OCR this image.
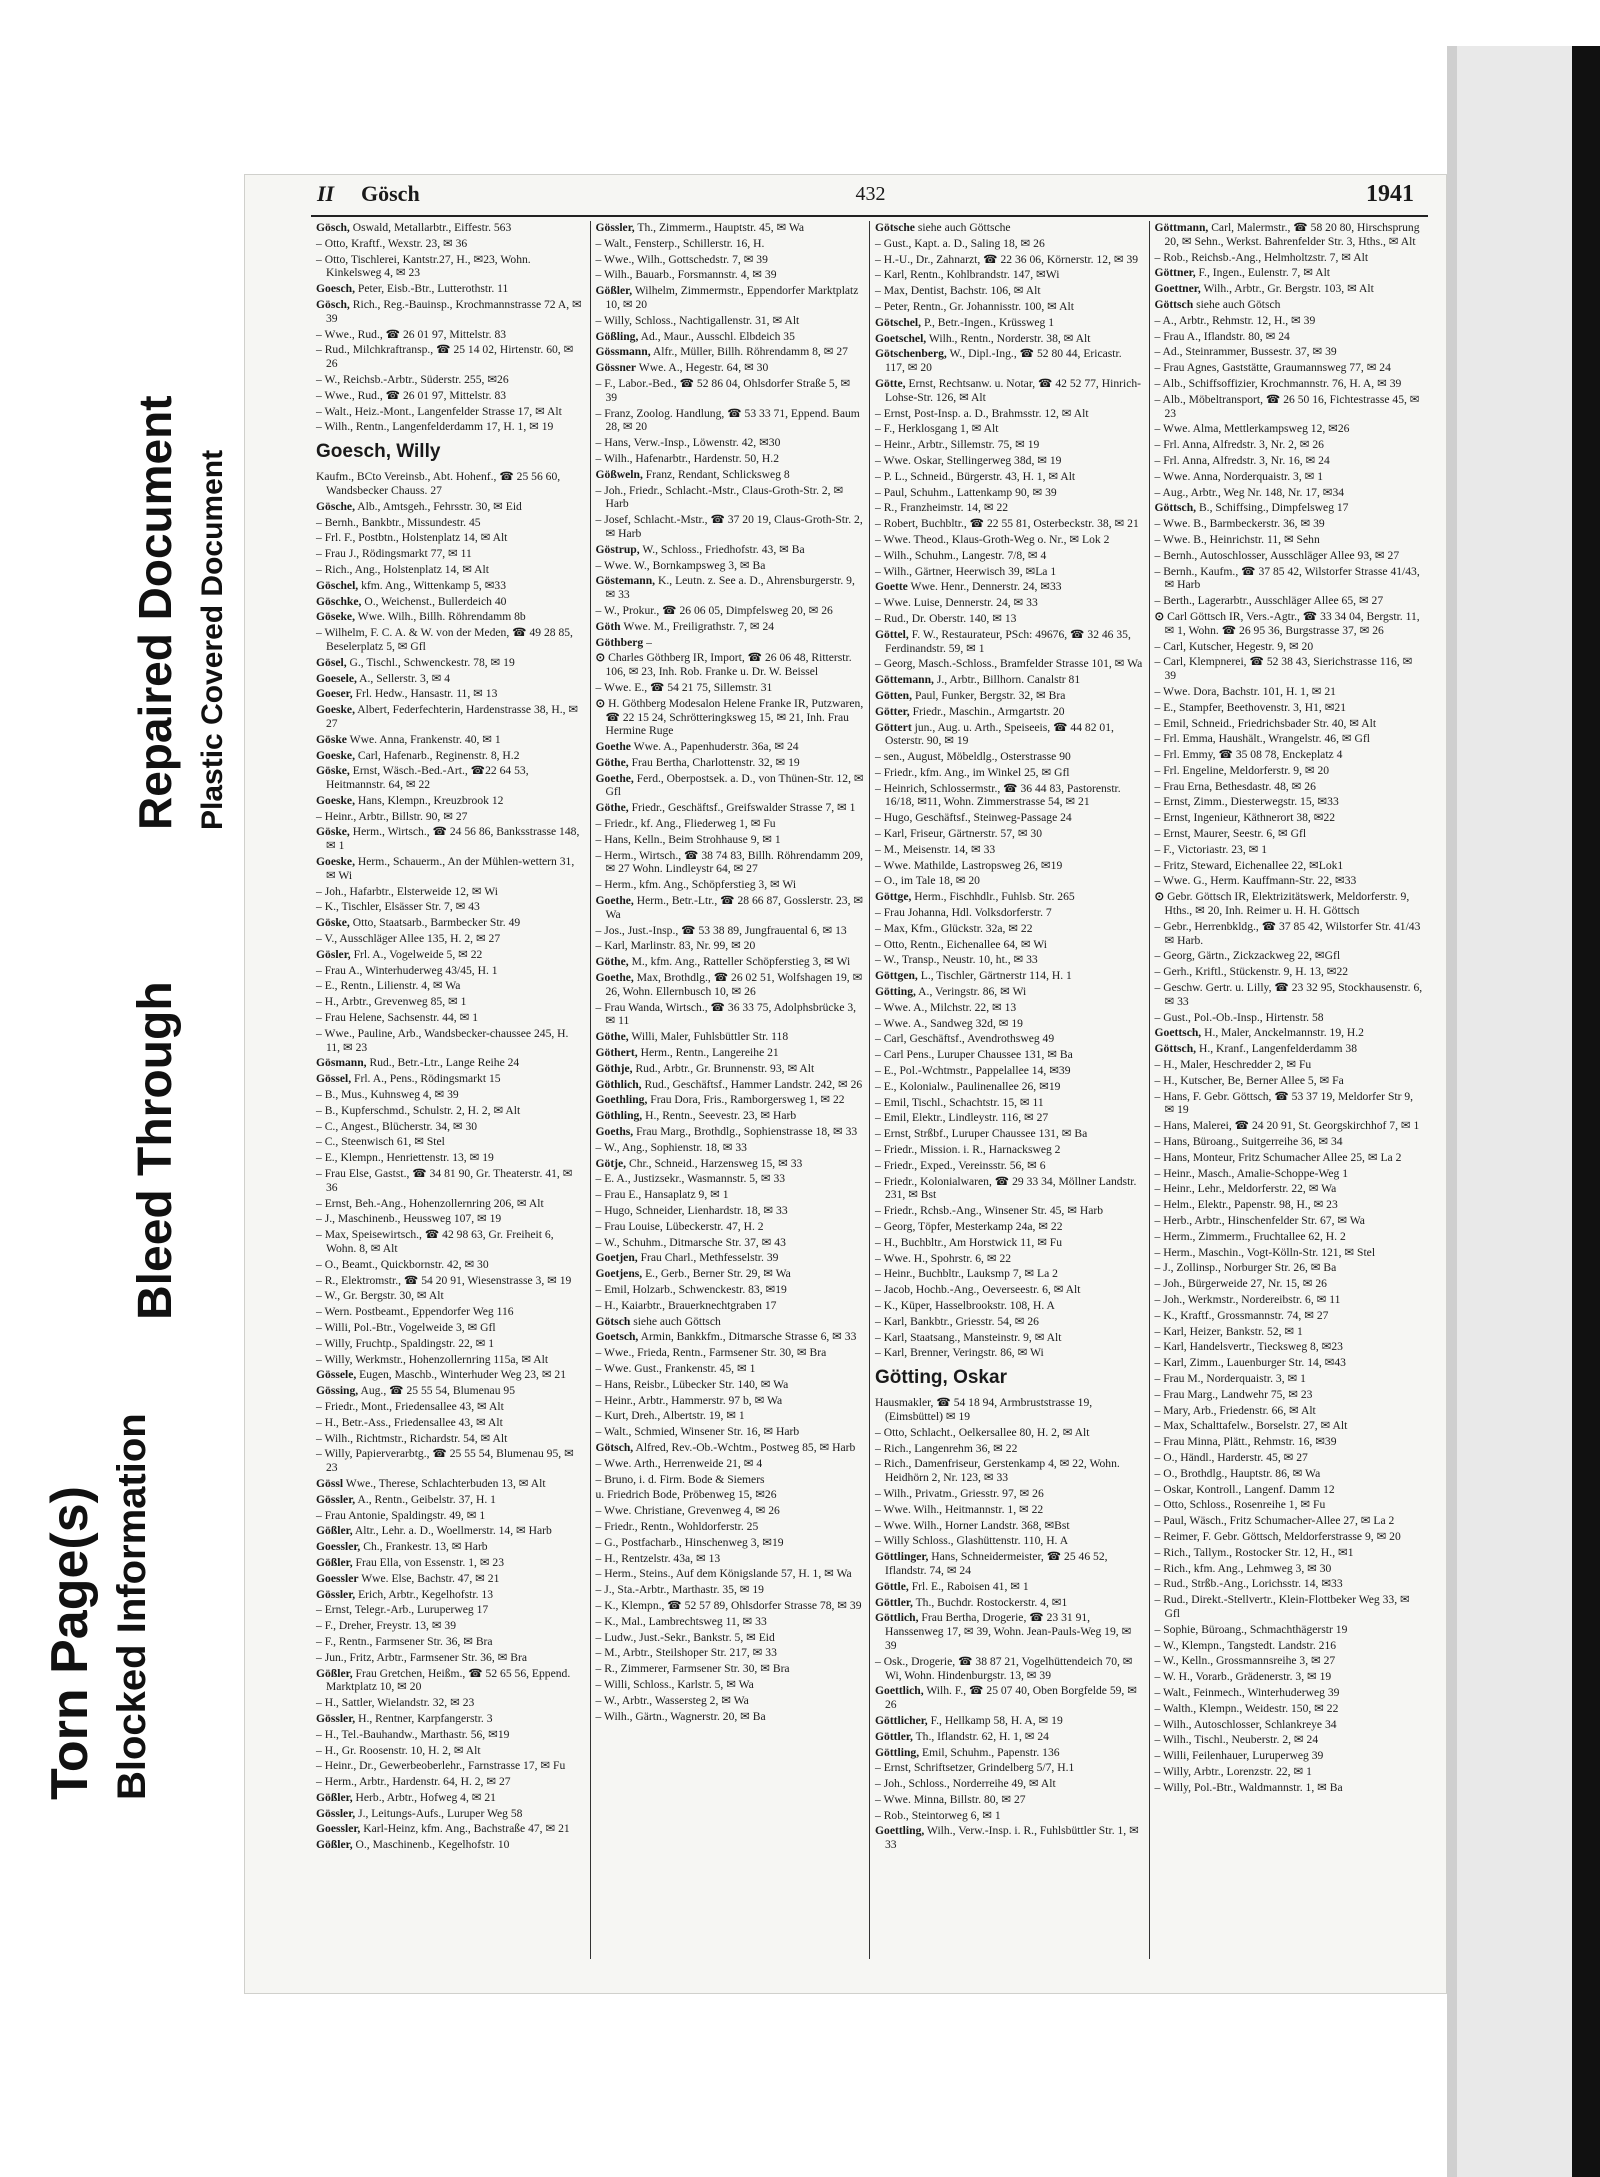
Torn Page(s) Blocked Information
Bleed Through
Repaired Document Plastic Covered Document
II Gösch	432	1941
Gösch, Oswald, Metallarbtr., Eiffestr. 563
– Otto, Kraftf., Wexstr. 23, ✉ 36
– Otto, Tischlerei, Kantstr.27, H., ✉23, Wohn. Kinkelsweg 4, ✉ 23
Goesch, Peter, Eisb.-Btr., Lutterothstr. 11
Gösch, Rich., Reg.-Bauinsp., Krochmannstrasse 72 A, ✉ 39
– Wwe., Rud., ☎ 26 01 97, Mittelstr. 83
– Rud., Milchkraftransp., ☎ 25 14 02, Hirtenstr. 60, ✉ 26
– W., Reichsb.-Arbtr., Süderstr. 255, ✉26
– Wwe., Rud., ☎ 26 01 97, Mittelstr. 83
– Walt., Heiz.-Mont., Langenfelder Strasse 17, ✉ Alt
– Wilh., Rentn., Langenfelderdamm 17, H. 1, ✉ 19
Goesch, Willy
Kaufm., BCto Vereinsb., Abt. Hohenf., ☎ 25 56 60, Wandsbecker Chauss. 27
Gösche, Alb., Amtsgeh., Fehrsstr. 30, ✉ Eid
– Bernh., Bankbtr., Missundestr. 45
– Frl. F., Postbtn., Holstenplatz 14, ✉ Alt
– Frau J., Rödingsmarkt 77, ✉ 11
– Rich., Ang., Holstenplatz 14, ✉ Alt
Göschel, kfm. Ang., Wittenkamp 5, ✉33
Göschke, O., Weichenst., Bullerdeich 40
Göseke, Wwe. Wilh., Billh. Röhrendamm 8b
– Wilhelm, F. C. A. & W. von der Meden, ☎ 49 28 85, Beselerplatz 5, ✉ Gfl
Gösel, G., Tischl., Schwenckestr. 78, ✉ 19
Goesele, A., Sellerstr. 3, ✉ 4
Goeser, Frl. Hedw., Hansastr. 11, ✉ 13
Goeske, Albert, Federfechterin, Hardenstrasse 38, H., ✉ 27
Göske Wwe. Anna, Frankenstr. 40, ✉ 1
Goeske, Carl, Hafenarb., Reginenstr. 8, H.2
Göske, Ernst, Wäsch.-Bed.-Art., ☎22 64 53, Heitmannstr. 64, ✉ 22
Goeske, Hans, Klempn., Kreuzbrook 12
– Heinr., Arbtr., Billstr. 90, ✉ 27
Göske, Herm., Wirtsch., ☎ 24 56 86, Banksstrasse 148, ✉ 1
Goeske, Herm., Schauerm., An der Mühlen-wettern 31, ✉ Wi
– Joh., Hafarbtr., Elsterweide 12, ✉ Wi
– K., Tischler, Elsässer Str. 7, ✉ 43
Göske, Otto, Staatsarb., Barmbecker Str. 49
– V., Ausschläger Allee 135, H. 2, ✉ 27
Gösler, Frl. A., Vogelweide 5, ✉ 22
– Frau A., Winterhuderweg 43/45, H. 1
– E., Rentn., Lilienstr. 4, ✉ Wa
– H., Arbtr., Grevenweg 85, ✉ 1
– Frau Helene, Sachsenstr. 44, ✉ 1
– Wwe., Pauline, Arb., Wandsbecker-chaussee 245, H. 11, ✉ 23
Gösmann, Rud., Betr.-Ltr., Lange Reihe 24
Gössel, Frl. A., Pens., Rödingsmarkt 15
– B., Mus., Kuhnsweg 4, ✉ 39
– B., Kupferschmd., Schulstr. 2, H. 2, ✉ Alt
– C., Angest., Blücherstr. 34, ✉ 30
– C., Steenwisch 61, ✉ Stel
– E., Klempn., Henriettenstr. 13, ✉ 19
– Frau Else, Gastst., ☎ 34 81 90, Gr. Theaterstr. 41, ✉ 36
– Ernst, Beh.-Ang., Hohenzollernring 206, ✉ Alt
– J., Maschinenb., Heussweg 107, ✉ 19
– Max, Speisewirtsch., ☎ 42 98 63, Gr. Freiheit 6, Wohn. 8, ✉ Alt
– O., Beamt., Quickbornstr. 42, ✉ 30
– R., Elektromstr., ☎ 54 20 91, Wiesenstrasse 3, ✉ 19
– W., Gr. Bergstr. 30, ✉ Alt
– Wern. Postbeamt., Eppendorfer Weg 116
– Willi, Pol.-Btr., Vogelweide 3, ✉ Gfl
– Willy, Fruchtp., Spaldingstr. 22, ✉ 1
– Willy, Werkmstr., Hohenzollernring 115a, ✉ Alt
Gössele, Eugen, Maschb., Winterhuder Weg 23, ✉ 21
Gössing, Aug., ☎ 25 55 54, Blumenau 95
– Friedr., Mont., Friedensallee 43, ✉ Alt
– H., Betr.-Ass., Friedensallee 43, ✉ Alt
– Wilh., Richtmstr., Richardstr. 54, ✉ Alt
– Willy, Papierverarbtg., ☎ 25 55 54, Blumenau 95, ✉ 23
Gössl Wwe., Therese, Schlachterbuden 13, ✉ Alt
Gössler, A., Rentn., Geibelstr. 37, H. 1
– Frau Antonie, Spaldingstr. 49, ✉ 1
Gößler, Altr., Lehr. a. D., Woellmerstr. 14, ✉ Harb
Goessler, Ch., Frankestr. 13, ✉ Harb
Gößler, Frau Ella, von Essenstr. 1, ✉ 23
Goessler Wwe. Else, Bachstr. 47, ✉ 21
Gössler, Erich, Arbtr., Kegelhofstr. 13
– Ernst, Telegr.-Arb., Luruperweg 17
– F., Dreher, Freystr. 13, ✉ 39
– F., Rentn., Farmsener Str. 36, ✉ Bra
– Jun., Fritz, Arbtr., Farmsener Str. 36, ✉ Bra
Gößler, Frau Gretchen, Heißm., ☎ 52 65 56, Eppend. Marktplatz 10, ✉ 20
– H., Sattler, Wielandstr. 32, ✉ 23
Gössler, H., Rentner, Karpfangerstr. 3
– H., Tel.-Bauhandw., Marthastr. 56, ✉19
– H., Gr. Roosenstr. 10, H. 2, ✉ Alt
– Heinr., Dr., Gewerbeoberlehr., Farnstrasse 17, ✉ Fu
– Herm., Arbtr., Hardenstr. 64, H. 2, ✉ 27
Gößler, Herb., Arbtr., Hofweg 4, ✉ 21
Gössler, J., Leitungs-Aufs., Luruper Weg 58
Goessler, Karl-Heinz, kfm. Ang., Bachstraße 47, ✉ 21
Gößler, O., Maschinenb., Kegelhofstr. 10
Gössler, Th., Zimmerm., Hauptstr. 45, ✉ Wa
– Walt., Fensterp., Schillerstr. 16, H.
– Wwe., Wilh., Gottschedstr. 7, ✉ 39
– Wilh., Bauarb., Forsmannstr. 4, ✉ 39
Gößler, Wilhelm, Zimmermstr., Eppendorfer Marktplatz 10, ✉ 20
– Willy, Schloss., Nachtigallenstr. 31, ✉ Alt
Gößling, Ad., Maur., Ausschl. Elbdeich 35
Gössmann, Alfr., Müller, Billh. Röhrendamm 8, ✉ 27
Gössner Wwe. A., Hegestr. 64, ✉ 30
– F., Labor.-Bed., ☎ 52 86 04, Ohlsdorfer Straße 5, ✉ 39
– Franz, Zoolog. Handlung, ☎ 53 33 71, Eppend. Baum 28, ✉ 20
– Hans, Verw.-Insp., Löwenstr. 42, ✉30
– Wilh., Hafenarbtr., Hardenstr. 50, H.2
Gößweln, Franz, Rendant, Schlicksweg 8
– Joh., Friedr., Schlacht.-Mstr., Claus-Groth-Str. 2, ✉ Harb
– Josef, Schlacht.-Mstr., ☎ 37 20 19, Claus-Groth-Str. 2, ✉ Harb
Göstrup, W., Schloss., Friedhofstr. 43, ✉ Ba
– Wwe. W., Bornkampsweg 3, ✉ Ba
Göstemann, K., Leutn. z. See a. D., Ahrensburgerstr. 9, ✉ 33
– W., Prokur., ☎ 26 06 05, Dimpfelsweg 20, ✉ 26
Göth Wwe. M., Freiligrathstr. 7, ✉ 24
Göthberg –
⊙ Charles Göthberg IR, Import, ☎ 26 06 48, Ritterstr. 106, ✉ 23, Inh. Rob. Franke u. Dr. W. Beissel
– Wwe. E., ☎ 54 21 75, Sillemstr. 31
⊙ H. Göthberg Modesalon Helene Franke IR, Putzwaren, ☎ 22 15 24, Schrötteringksweg 15, ✉ 21, Inh. Frau Hermine Ruge
Goethe Wwe. A., Papenhuderstr. 36a, ✉ 24
Göthe, Frau Bertha, Charlottenstr. 32, ✉ 19
Goethe, Ferd., Oberpostsek. a. D., von Thünen-Str. 12, ✉ Gfl
Göthe, Friedr., Geschäftsf., Greifswalder Strasse 7, ✉ 1
– Friedr., kf. Ang., Fliederweg 1, ✉ Fu
– Hans, Kelln., Beim Strohhause 9, ✉ 1
– Herm., Wirtsch., ☎ 38 74 83, Billh. Röhrendamm 209, ✉ 27 Wohn. Lindleystr 64, ✉ 27
– Herm., kfm. Ang., Schöpferstieg 3, ✉ Wi
Goethe, Herm., Betr.-Ltr., ☎ 28 66 87, Gosslerstr. 23, ✉ Wa
– Jos., Just.-Insp., ☎ 53 38 89, Jungfrauental 6, ✉ 13
– Karl, Marlinstr. 83, Nr. 99, ✉ 20
Göthe, M., kfm. Ang., Ratteller Schöpferstieg 3, ✉ Wi
Goethe, Max, Brothdlg., ☎ 26 02 51, Wolfshagen 19, ✉ 26, Wohn. Ellernbusch 10, ✉ 26
– Frau Wanda, Wirtsch., ☎ 36 33 75, Adolphsbrücke 3, ✉ 11
Göthe, Willi, Maler, Fuhlsbüttler Str. 118
Göthert, Herm., Rentn., Langereihe 21
Göthje, Rud., Arbtr., Gr. Brunnenstr. 93, ✉ Alt
Göthlich, Rud., Geschäftsf., Hammer Landstr. 242, ✉ 26
Goethling, Frau Dora, Fris., Ramborgersweg 1, ✉ 22
Göthling, H., Rentn., Seevestr. 23, ✉ Harb
Goeths, Frau Marg., Brothdlg., Sophienstrasse 18, ✉ 33
– W., Ang., Sophienstr. 18, ✉ 33
Götje, Chr., Schneid., Harzensweg 15, ✉ 33
– E. A., Justizsekr., Wasmannstr. 5, ✉ 33
– Frau E., Hansaplatz 9, ✉ 1
– Hugo, Schneider, Lienhardstr. 18, ✉ 33
– Frau Louise, Lübeckerstr. 47, H. 2
– W., Schuhm., Ditmarsche Str. 37, ✉ 43
Goetjen, Frau Charl., Methfesselstr. 39
Goetjens, E., Gerb., Berner Str. 29, ✉ Wa
– Emil, Holzarb., Schwenckestr. 83, ✉19
– H., Kaiarbtr., Brauerknechtgraben 17
Götsch siehe auch Göttsch
Goetsch, Armin, Bankkfm., Ditmarsche Strasse 6, ✉ 33
– Wwe., Frieda, Rentn., Farmsener Str. 30, ✉ Bra
– Wwe. Gust., Frankenstr. 45, ✉ 1
– Hans, Reisbr., Lübecker Str. 140, ✉ Wa
– Heinr., Arbtr., Hammerstr. 97 b, ✉ Wa
– Kurt, Dreh., Albertstr. 19, ✉ 1
– Walt., Schmied, Winsener Str. 16, ✉ Harb
Götsch, Alfred, Rev.-Ob.-Wchtm., Postweg 85, ✉ Harb
– Wwe. Arth., Herrenweide 21, ✉ 4
– Bruno, i. d. Firm. Bode & Siemers
u. Friedrich Bode, Pröbenweg 15, ✉26
– Wwe. Christiane, Grevenweg 4, ✉ 26
– Friedr., Rentn., Wohldorferstr. 25
– G., Postfacharb., Hinschenweg 3, ✉19
– H., Rentzelstr. 43a, ✉ 13
– Herm., Steins., Auf dem Königslande 57, H. 1, ✉ Wa
– J., Sta.-Arbtr., Marthastr. 35, ✉ 19
– K., Klempn., ☎ 52 57 89, Ohlsdorfer Strasse 78, ✉ 39
– K., Mal., Lambrechtsweg 11, ✉ 33
– Ludw., Just.-Sekr., Bankstr. 5, ✉ Eid
– M., Arbtr., Steilshoper Str. 217, ✉ 33
– R., Zimmerer, Farmsener Str. 30, ✉ Bra
– Willi, Schloss., Karlstr. 5, ✉ Wa
– W., Arbtr., Wassersteg 2, ✉ Wa
– Wilh., Gärtn., Wagnerstr. 20, ✉ Ba
Götsche siehe auch Göttsche
– Gust., Kapt. a. D., Saling 18, ✉ 26
– H.-U., Dr., Zahnarzt, ☎ 22 36 06, Körnerstr. 12, ✉ 39
– Karl, Rentn., Kohlbrandstr. 147, ✉Wi
– Max, Dentist, Bachstr. 106, ✉ Alt
– Peter, Rentn., Gr. Johannisstr. 100, ✉ Alt
Götschel, P., Betr.-Ingen., Krüssweg 1
Goetschel, Wilh., Rentn., Norderstr. 38, ✉ Alt
Götschenberg, W., Dipl.-Ing., ☎ 52 80 44, Ericastr. 117, ✉ 20
Götte, Ernst, Rechtsanw. u. Notar, ☎ 42 52 77, Hinrich-Lohse-Str. 126, ✉ Alt
– Ernst, Post-Insp. a. D., Brahmsstr. 12, ✉ Alt
– F., Herklosgang 1, ✉ Alt
– Heinr., Arbtr., Sillemstr. 75, ✉ 19
– Wwe. Oskar, Stellingerweg 38d, ✉ 19
– P. L., Schneid., Bürgerstr. 43, H. 1, ✉ Alt
– Paul, Schuhm., Lattenkamp 90, ✉ 39
– R., Franzheimstr. 14, ✉ 22
– Robert, Buchbltr., ☎ 22 55 81, Osterbeckstr. 38, ✉ 21
– Wwe. Theod., Klaus-Groth-Weg o. Nr., ✉ Lok 2
– Wilh., Schuhm., Langestr. 7/8, ✉ 4
– Wilh., Gärtner, Heerwisch 39, ✉La 1
Goette Wwe. Henr., Dennerstr. 24, ✉33
– Wwe. Luise, Dennerstr. 24, ✉ 33
– Rud., Dr. Oberstr. 140, ✉ 13
Göttel, F. W., Restaurateur, PSch: 49676, ☎ 32 46 35, Ferdinandstr. 59, ✉ 1
– Georg, Masch.-Schloss., Bramfelder Strasse 101, ✉ Wa
Göttemann, J., Arbtr., Billhorn. Canalstr 81
Götten, Paul, Funker, Bergstr. 32, ✉ Bra
Götter, Friedr., Maschin., Armgartstr. 20
Göttert jun., Aug. u. Arth., Speiseeis, ☎ 44 82 01, Osterstr. 90, ✉ 19
– sen., August, Möbeldlg., Osterstrasse 90
– Friedr., kfm. Ang., im Winkel 25, ✉ Gfl
– Heinrich, Schlossermstr., ☎ 36 44 83, Pastorenstr. 16/18, ✉11, Wohn. Zimmerstrasse 54, ✉ 21
– Hugo, Geschäftsf., Steinweg-Passage 24
– Karl, Friseur, Gärtnerstr. 57, ✉ 30
– M., Meisenstr. 14, ✉ 33
– Wwe. Mathilde, Lastropsweg 26, ✉19
– O., im Tale 18, ✉ 20
Göttge, Herm., Fischhdlr., Fuhlsb. Str. 265
– Frau Johanna, Hdl. Volksdorferstr. 7
– Max, Kfm., Glückstr. 32a, ✉ 22
– Otto, Rentn., Eichenallee 64, ✉ Wi
– W., Transp., Neustr. 10, ht., ✉ 33
Göttgen, L., Tischler, Gärtnerstr 114, H. 1
Götting, A., Veringstr. 86, ✉ Wi
– Wwe. A., Milchstr. 22, ✉ 13
– Wwe. A., Sandweg 32d, ✉ 19
– Carl, Geschäftsf., Avendrothsweg 49
– Carl Pens., Luruper Chaussee 131, ✉ Ba
– E., Pol.-Wchtmstr., Pappelallee 14, ✉39
– E., Kolonialw., Paulinenallee 26, ✉19
– Emil, Tischl., Schachtstr. 15, ✉ 11
– Emil, Elektr., Lindleystr. 116, ✉ 27
– Ernst, Strßbf., Luruper Chaussee 131, ✉ Ba
– Friedr., Mission. i. R., Harnacksweg 2
– Friedr., Exped., Vereinsstr. 56, ✉ 6
– Friedr., Kolonialwaren, ☎ 29 33 34, Möllner Landstr. 231, ✉ Bst
– Friedr., Rchsb.-Ang., Winsener Str. 45, ✉ Harb
– Georg, Töpfer, Mesterkamp 24a, ✉ 22
– H., Buchbltr., Am Horstwick 11, ✉ Fu
– Wwe. H., Spohrstr. 6, ✉ 22
– Heinr., Buchbltr., Lauksmp 7, ✉ La 2
– Jacob, Hochb.-Ang., Oeverseestr. 6, ✉ Alt
– K., Küper, Hasselbrookstr. 108, H. A
– Karl, Bankbtr., Griesstr. 54, ✉ 26
– Karl, Staatsang., Mansteinstr. 9, ✉ Alt
– Karl, Brenner, Veringstr. 86, ✉ Wi
Götting, Oskar
Hausmakler, ☎ 54 18 94, Armbruststrasse 19, (Eimsbüttel) ✉ 19
– Otto, Schlacht., Oelkersallee 80, H. 2, ✉ Alt
– Rich., Langenrehm 36, ✉ 22
– Rich., Damenfriseur, Gerstenkamp 4, ✉ 22, Wohn. Heidhörn 2, Nr. 123, ✉ 33
– Wilh., Privatm., Griesstr. 97, ✉ 26
– Wwe. Wilh., Heitmannstr. 1, ✉ 22
– Wwe. Wilh., Horner Landstr. 368, ✉Bst
– Willy Schloss., Glashüttenstr. 110, H. A
Göttlinger, Hans, Schneidermeister, ☎ 25 46 52, Iflandstr. 74, ✉ 24
Göttle, Frl. E., Raboisen 41, ✉ 1
Göttler, Th., Buchdr. Rostockerstr. 4, ✉1
Göttlich, Frau Bertha, Drogerie, ☎ 23 31 91, Hanssenweg 17, ✉ 39, Wohn. Jean-Pauls-Weg 19, ✉ 39
– Osk., Drogerie, ☎ 38 87 21, Vogelhüttendeich 70, ✉ Wi, Wohn. Hindenburgstr. 13, ✉ 39
Goettlich, Wilh. F., ☎ 25 07 40, Oben Borgfelde 59, ✉ 26
Göttlicher, F., Hellkamp 58, H. A, ✉ 19
Göttler, Th., Iflandstr. 62, H. 1, ✉ 24
Göttling, Emil, Schuhm., Papenstr. 136
– Ernst, Schriftsetzer, Grindelberg 5/7, H.1
– Joh., Schloss., Norderreihe 49, ✉ Alt
– Wwe. Minna, Billstr. 80, ✉ 27
– Rob., Steintorweg 6, ✉ 1
Goettling, Wilh., Verw.-Insp. i. R., Fuhlsbüttler Str. 1, ✉ 33
Göttmann, Carl, Malermstr., ☎ 58 20 80, Hirschsprung 20, ✉ Sehn., Werkst. Bahrenfelder Str. 3, Hths., ✉ Alt
– Rob., Reichsb.-Ang., Helmholtzstr. 7, ✉ Alt
Göttner, F., Ingen., Eulenstr. 7, ✉ Alt
Goettner, Wilh., Arbtr., Gr. Bergstr. 103, ✉ Alt
Göttsch siehe auch Götsch
– A., Arbtr., Rehmstr. 12, H., ✉ 39
– Frau A., Iflandstr. 80, ✉ 24
– Ad., Steinrammer, Bussestr. 37, ✉ 39
– Frau Agnes, Gaststätte, Graumannsweg 77, ✉ 24
– Alb., Schiffsoffizier, Krochmannstr. 76, H. A, ✉ 39
– Alb., Möbeltransport, ☎ 26 50 16, Fichtestrasse 45, ✉ 23
– Wwe. Alma, Mettlerkampsweg 12, ✉26
– Frl. Anna, Alfredstr. 3, Nr. 2, ✉ 26
– Frl. Anna, Alfredstr. 3, Nr. 16, ✉ 24
– Wwe. Anna, Norderquaistr. 3, ✉ 1
– Aug., Arbtr., Weg Nr. 148, Nr. 17, ✉34
Göttsch, B., Schiffsing., Dimpfelsweg 17
– Wwe. B., Barmbeckerstr. 36, ✉ 39
– Wwe. B., Heinrichstr. 11, ✉ Sehn
– Bernh., Autoschlosser, Ausschläger Allee 93, ✉ 27
– Bernh., Kaufm., ☎ 37 85 42, Wilstorfer Strasse 41/43, ✉ Harb
– Berth., Lagerarbtr., Ausschläger Allee 65, ✉ 27
⊙ Carl Göttsch IR, Vers.-Agtr., ☎ 33 34 04, Bergstr. 11, ✉ 1, Wohn. ☎ 26 95 36, Burgstrasse 37, ✉ 26
– Carl, Kutscher, Hegestr. 9, ✉ 20
– Carl, Klempnerei, ☎ 52 38 43, Sierichstrasse 116, ✉ 39
– Wwe. Dora, Bachstr. 101, H. 1, ✉ 21
– E., Stampfer, Beethovenstr. 3, H1, ✉21
– Emil, Schneid., Friedrichsbader Str. 40, ✉ Alt
– Frl. Emma, Haushält., Wrangelstr. 46, ✉ Gfl
– Frl. Emmy, ☎ 35 08 78, Enckeplatz 4
– Frl. Engeline, Meldorferstr. 9, ✉ 20
– Frau Erna, Bethesdastr. 48, ✉ 26
– Ernst, Zimm., Diesterwegstr. 15, ✉33
– Ernst, Ingenieur, Käthnerort 38, ✉22
– Ernst, Maurer, Seestr. 6, ✉ Gfl
– F., Victoriastr. 23, ✉ 1
– Fritz, Steward, Eichenallee 22, ✉Lok1
– Wwe. G., Herm. Kauffmann-Str. 22, ✉33
⊙ Gebr. Göttsch IR, Elektrizitätswerk, Meldorferstr. 9, Hths., ✉ 20, Inh. Reimer u. H. H. Göttsch
– Gebr., Herrenbkldg., ☎ 37 85 42, Wilstorfer Str. 41/43 ✉ Harb.
– Georg, Gärtn., Zickzackweg 22, ✉Gfl
– Gerh., Kriftl., Stückenstr. 9, H. 13, ✉22
– Geschw. Gertr. u. Lilly, ☎ 23 32 95, Stockhausenstr. 6, ✉ 33
– Gust., Pol.-Ob.-Insp., Hirtenstr. 58
Goettsch, H., Maler, Anckelmannstr. 19, H.2
Göttsch, H., Kranf., Langenfelderdamm 38
– H., Maler, Heschredder 2, ✉ Fu
– H., Kutscher, Be, Berner Allee 5, ✉ Fa
– Hans, F. Gebr. Göttsch, ☎ 53 37 19, Meldorfer Str 9, ✉ 19
– Hans, Malerei, ☎ 24 20 91, St. Georgskirchhof 7, ✉ 1
– Hans, Büroang., Suitgerreihe 36, ✉ 34
– Hans, Monteur, Fritz Schumacher Allee 25, ✉ La 2
– Heinr., Masch., Amalie-Schoppe-Weg 1
– Heinr., Lehr., Meldorferstr. 22, ✉ Wa
– Helm., Elektr., Papenstr. 98, H., ✉ 23
– Herb., Arbtr., Hinschenfelder Str. 67, ✉ Wa
– Herm., Zimmerm., Fruchtallee 62, H. 2
– Herm., Maschin., Vogt-Kölln-Str. 121, ✉ Stel
– J., Zollinsp., Norburger Str. 26, ✉ Ba
– Joh., Bürgerweide 27, Nr. 15, ✉ 26
– Joh., Werkmstr., Nordereibstr. 6, ✉ 11
– K., Kraftf., Grossmannstr. 74, ✉ 27
– Karl, Heizer, Bankstr. 52, ✉ 1
– Karl, Handelsvertr., Tiecksweg 8, ✉23
– Karl, Zimm., Lauenburger Str. 14, ✉43
– Frau M., Norderquaistr. 3, ✉ 1
– Frau Marg., Landwehr 75, ✉ 23
– Mary, Arb., Friedenstr. 66, ✉ Alt
– Max, Schalttafelw., Borselstr. 27, ✉ Alt
– Frau Minna, Plätt., Rehmstr. 16, ✉39
– O., Händl., Harderstr. 45, ✉ 27
– O., Brothdlg., Hauptstr. 86, ✉ Wa
– Oskar, Kontroll., Langenf. Damm 12
– Otto, Schloss., Rosenreihe 1, ✉ Fu
– Paul, Wäsch., Fritz Schumacher-Allee 27, ✉ La 2
– Reimer, F. Gebr. Göttsch, Meldorferstrasse 9, ✉ 20
– Rich., Tallym., Rostocker Str. 12, H., ✉1
– Rich., kfm. Ang., Lehmweg 3, ✉ 30
– Rud., Strßb.-Ang., Lorichsstr. 14, ✉33
– Rud., Direkt.-Stellvertr., Klein-Flottbeker Weg 33, ✉ Gfl
– Sophie, Büroang., Schmachthägerstr 19
– W., Klempn., Tangstedt. Landstr. 216
– W., Kelln., Grossmannsreihe 3, ✉ 27
– W. H., Vorarb., Grädenerstr. 3, ✉ 19
– Walt., Feinmech., Winterhuderweg 39
– Walth., Klempn., Weidestr. 150, ✉ 22
– Wilh., Autoschlosser, Schlankreye 34
– Wilh., Tischl., Neuberstr. 2, ✉ 24
– Willi, Feilenhauer, Luruperweg 39
– Willy, Arbtr., Lorenzstr. 22, ✉ 1
– Willy, Pol.-Btr., Waldmannstr. 1, ✉ Ba
